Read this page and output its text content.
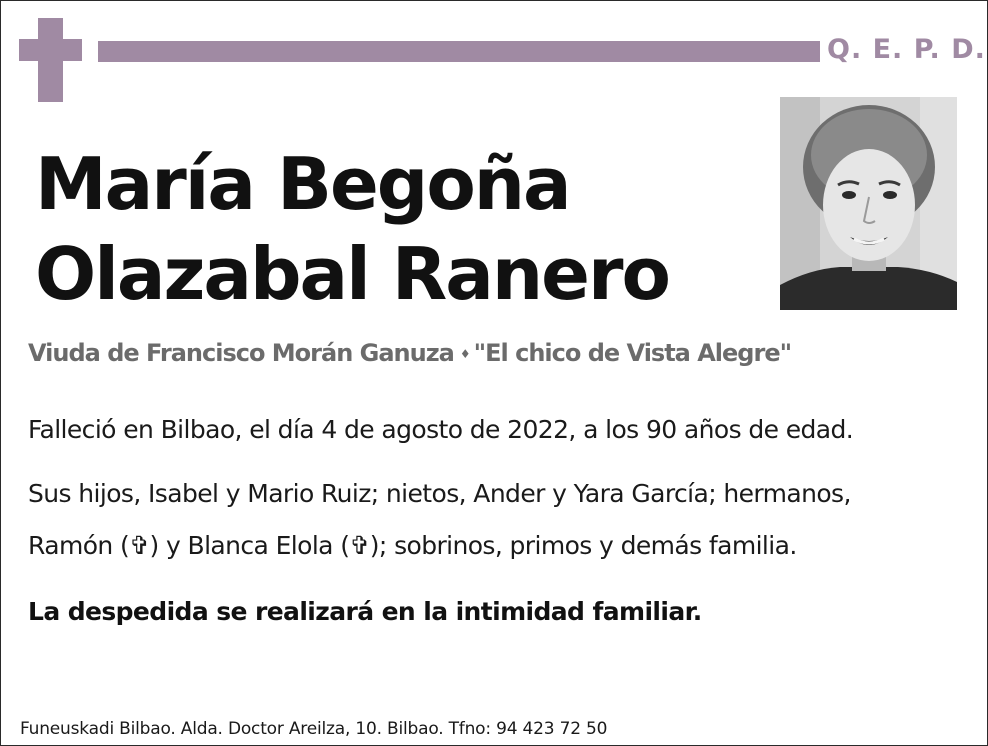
Q. E. P. D.
María Begoña
Olazabal Ranero
Viuda de Francisco Morán Ganuza ♦ "El chico de Vista Alegre"
Falleció en Bilbao, el día 4 de agosto de 2022, a los 90 años de edad.
Sus hijos, Isabel y Mario Ruiz; nietos, Ander y Yara García; hermanos,
Ramón (✞) y Blanca Elola (✞); sobrinos, primos y demás familia.
La despedida se realizará en la intimidad familiar.
Funeuskadi Bilbao. Alda. Doctor Areilza, 10. Bilbao. Tfno: 94 423 72 50
